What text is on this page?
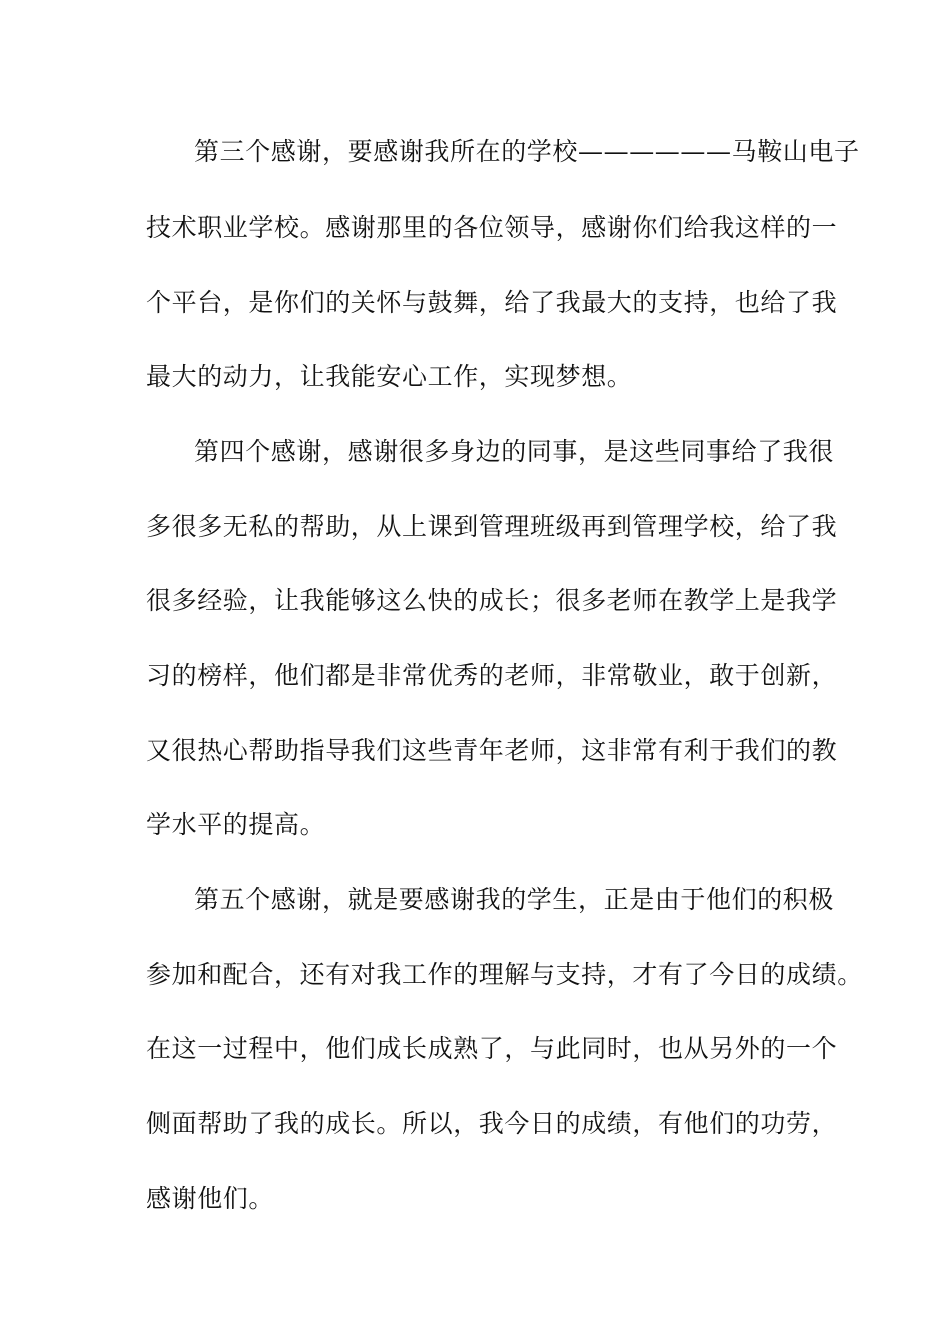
第三个感谢，要感谢我所在的学校——————马鞍山电子
技术职业学校。感谢那里的各位领导，感谢你们给我这样的一
个平台，是你们的关怀与鼓舞，给了我最大的支持，也给了我
最大的动力，让我能安心工作，实现梦想。
第四个感谢，感谢很多身边的同事，是这些同事给了我很
多很多无私的帮助，从上课到管理班级再到管理学校，给了我
很多经验，让我能够这么快的成长；很多老师在教学上是我学
习的榜样，他们都是非常优秀的老师，非常敬业，敢于创新，
又很热心帮助指导我们这些青年老师，这非常有利于我们的教
学水平的提高。
第五个感谢，就是要感谢我的学生，正是由于他们的积极
参加和配合，还有对我工作的理解与支持，才有了今日的成绩。
在这一过程中，他们成长成熟了，与此同时，也从另外的一个
侧面帮助了我的成长。所以，我今日的成绩，有他们的功劳，
感谢他们。
